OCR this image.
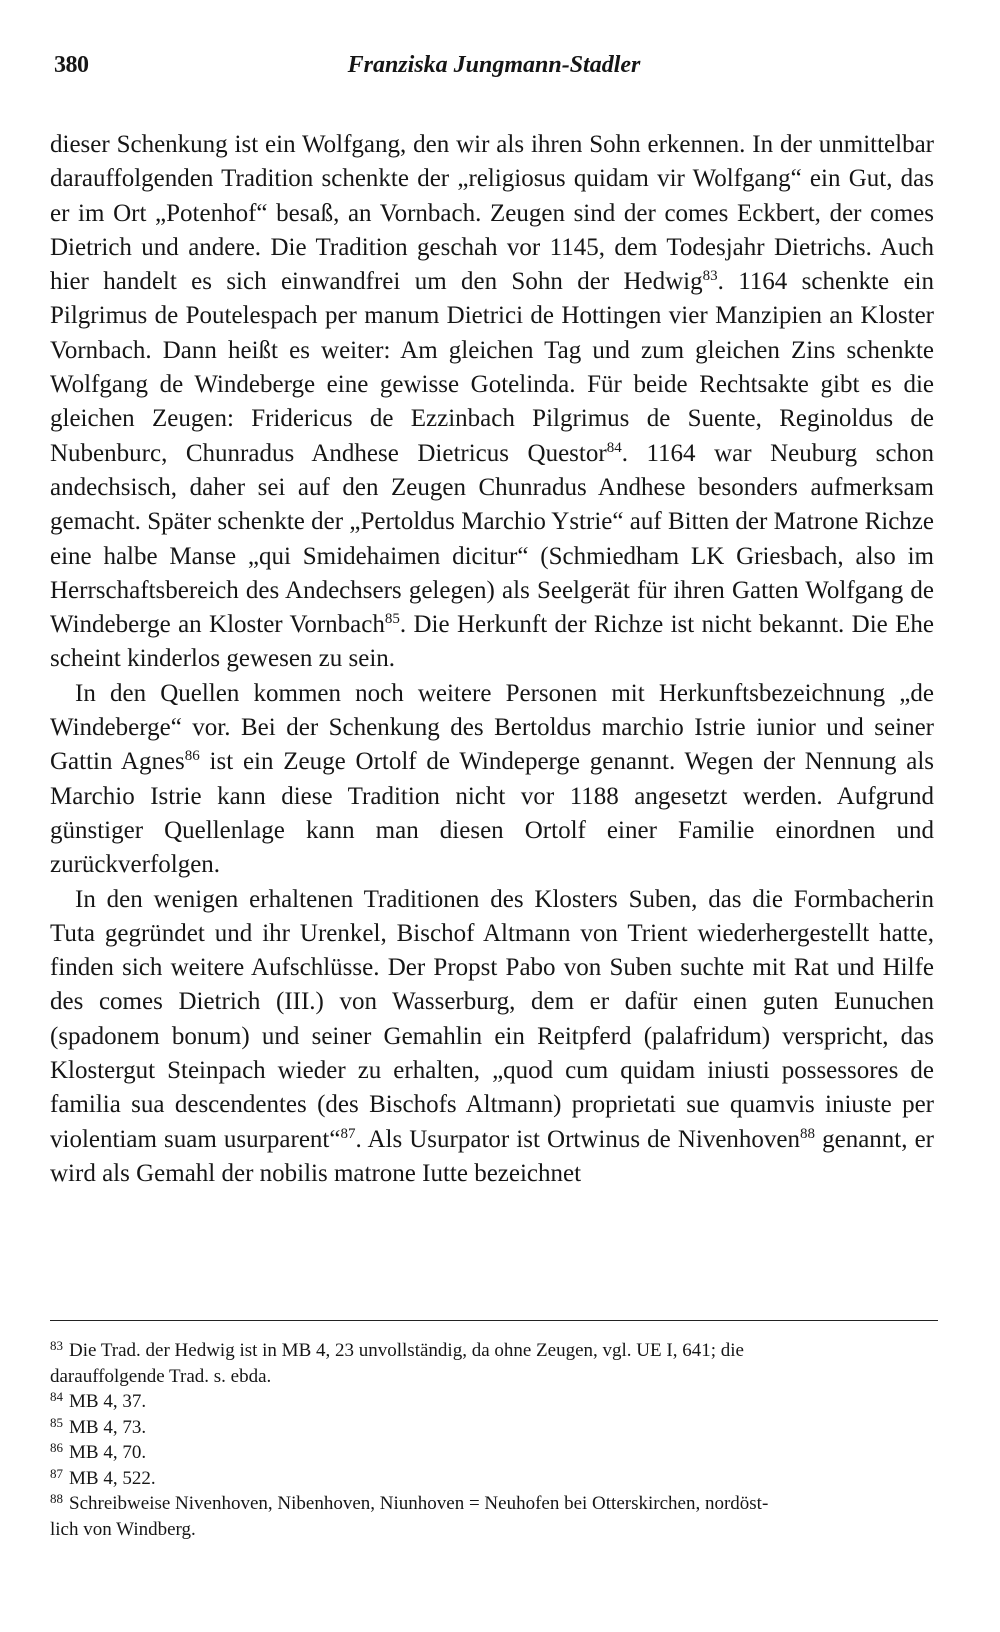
380	Franziska Jungmann-Stadler

dieser Schenkung ist ein Wolfgang, den wir als ihren Sohn erkennen. In der unmittelbar darauffolgenden Tradition schenkte der „religiosus quidam vir Wolfgang“ ein Gut, das er im Ort „Potenhof“ besaß, an Vornbach. Zeugen sind der comes Eckbert, der comes Dietrich und andere. Die Tradition geschah vor 1145, dem Todesjahr Dietrichs. Auch hier handelt es sich einwandfrei um den Sohn der Hedwig$^{83}$. 1164 schenkte ein Pilgrimus de Poutelespach per manum Dietrici de Hottingen vier Manzipien an Kloster Vornbach. Dann heißt es weiter: Am gleichen Tag und zum gleichen Zins schenkte Wolfgang de Windeberge eine gewisse Gotelinda. Für beide Rechtsakte gibt es die gleichen Zeugen: Fridericus de Ezzinbach Pilgrimus de Suente, Reginoldus de Nubenburc, Chunradus Andhese Dietricus Questor$^{84}$. 1164 war Neuburg schon andechsisch, daher sei auf den Zeugen Chunradus Andhese besonders aufmerksam gemacht. Später schenkte der „Pertoldus Marchio Ystrie“ auf Bitten der Matrone Richze eine halbe Manse „qui Smidehaimen dicitur“ (Schmiedham LK Griesbach, also im Herrschaftsbereich des Andechsers gelegen) als Seelgerät für ihren Gatten Wolfgang de Windeberge an Kloster Vornbach$^{85}$. Die Herkunft der Richze ist nicht bekannt. Die Ehe scheint kinderlos gewesen zu sein.

In den Quellen kommen noch weitere Personen mit Herkunftsbezeichnung „de Windeberge“ vor. Bei der Schenkung des Bertoldus marchio Istrie iunior und seiner Gattin Agnes$^{86}$ ist ein Zeuge Ortolf de Windeperge genannt. Wegen der Nennung als Marchio Istrie kann diese Tradition nicht vor 1188 angesetzt werden. Aufgrund günstiger Quellenlage kann man diesen Ortolf einer Familie einordnen und zurückverfolgen.

In den wenigen erhaltenen Traditionen des Klosters Suben, das die Formbacherin Tuta gegründet und ihr Urenkel, Bischof Altmann von Trient wiederhergestellt hatte, finden sich weitere Aufschlüsse. Der Propst Pabo von Suben suchte mit Rat und Hilfe des comes Dietrich (III.) von Wasserburg, dem er dafür einen guten Eunuchen (spadonem bonum) und seiner Gemahlin ein Reitpferd (palafridum) verspricht, das Klostergut Steinpach wieder zu erhalten, „quod cum quidam iniusti possessores de familia sua descendentes (des Bischofs Altmann) proprietati sue quamvis iniuste per violentiam suam usurparent“$^{87}$. Als Usurpator ist Ortwinus de Nivenhoven$^{88}$ genannt, er wird als Gemahl der nobilis matrone Iutte bezeichnet

$^{83}$ Die Trad. der Hedwig ist in MB 4, 23 unvollständig, da ohne Zeugen, vgl. UE I, 641; die
darauffolgende Trad. s. ebda.

$^{84}$ MB 4, 37.

$^{85}$ MB 4, 73.

$^{86}$ MB 4, 70.

$^{87}$ MB 4, 522.

$^{88}$ Schreibweise Nivenhoven, Nibenhoven, Niunhoven = Neuhofen bei Otterskirchen, nordöst-
lich von Windberg.
